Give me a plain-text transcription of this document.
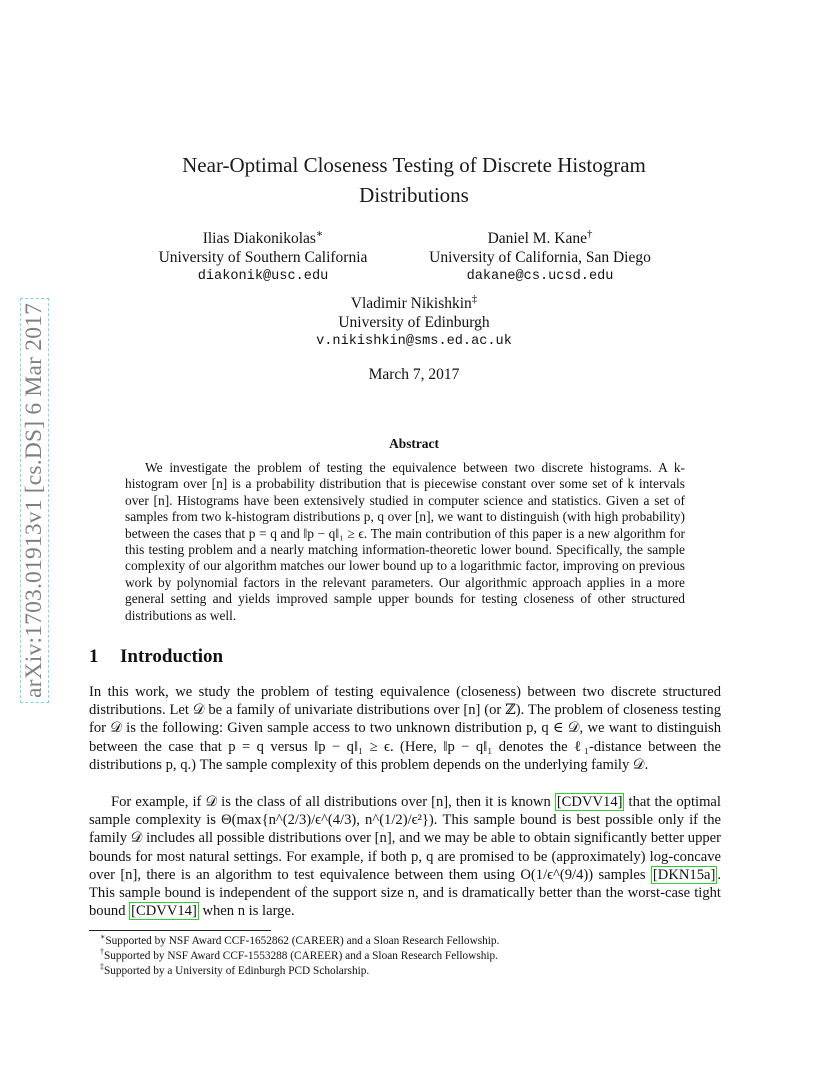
arXiv:1703.01913v1 [cs.DS] 6 Mar 2017
Near-Optimal Closeness Testing of Discrete Histogram
Distributions
Ilias Diakonikolas∗
University of Southern California
diakonik@usc.edu
Daniel M. Kane†
University of California, San Diego
dakane@cs.ucsd.edu
Vladimir Nikishkin‡
University of Edinburgh
v.nikishkin@sms.ed.ac.uk
March 7, 2017
Abstract
We investigate the problem of testing the equivalence between two discrete histograms. A k-histogram over [n] is a probability distribution that is piecewise constant over some set of k intervals over [n]. Histograms have been extensively studied in computer science and statistics. Given a set of samples from two k-histogram distributions p, q over [n], we want to distinguish (with high probability) between the cases that p = q and ‖p − q‖₁ ≥ ϵ. The main contribution of this paper is a new algorithm for this testing problem and a nearly matching information-theoretic lower bound. Specifically, the sample complexity of our algorithm matches our lower bound up to a logarithmic factor, improving on previous work by polynomial factors in the relevant parameters. Our algorithmic approach applies in a more general setting and yields improved sample upper bounds for testing closeness of other structured distributions as well.
1 Introduction

In this work, we study the problem of testing equivalence (closeness) between two discrete structured distributions. Let 𝒟 be a family of univariate distributions over [n] (or ℤ). The problem of closeness testing for 𝒟 is the following: Given sample access to two unknown distribution p, q ∈ 𝒟, we want to distinguish between the case that p = q versus ‖p − q‖₁ ≥ ϵ. (Here, ‖p − q‖₁ denotes the ℓ₁-distance between the distributions p, q.) The sample complexity of this problem depends on the underlying family 𝒟.

For example, if 𝒟 is the class of all distributions over [n], then it is known [CDVV14] that the optimal sample complexity is Θ(max{n^(2/3)/ϵ^(4/3), n^(1/2)/ϵ²}). This sample bound is best possible only if the family 𝒟 includes all possible distributions over [n], and we may be able to obtain significantly better upper bounds for most natural settings. For example, if both p, q are promised to be (approximately) log-concave over [n], there is an algorithm to test equivalence between them using O(1/ϵ^(9/4)) samples [DKN15a] . This sample bound is independent of the support size n, and is dramatically better than the worst-case tight bound [CDVV14] when n is large.

∗Supported by NSF Award CCF-1652862 (CAREER) and a Sloan Research Fellowship.
†Supported by NSF Award CCF-1553288 (CAREER) and a Sloan Research Fellowship.
‡Supported by a University of Edinburgh PCD Scholarship.
